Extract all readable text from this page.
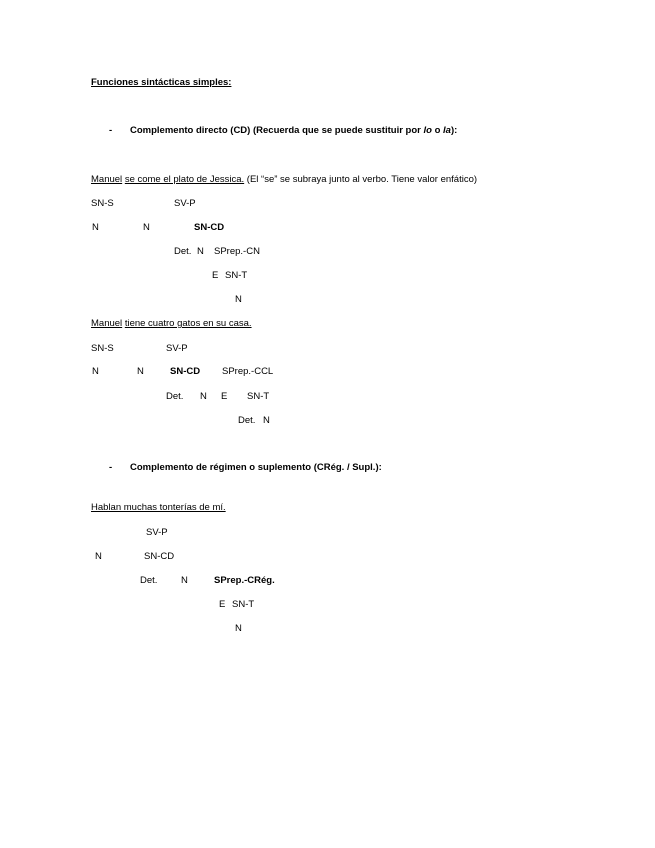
Funciones sintácticas simples:
- Complemento directo (CD) (Recuerda que se puede sustituir por lo o la):
Manuel se come el plato de Jessica. (El “se” se subraya junto al verbo. Tiene valor enfático)
SN-S	SV-P
N	N	SN-CD
Det. N SPrep.-CN
E SN-T
N
Manuel tiene cuatro gatos en su casa.
SN-S	SV-P
N	N	SN-CD SPrep.-CCL
Det. N E SN-T
Det. N
- Complemento de régimen o suplemento (CRég. / Supl.):
Hablan muchas tonterías de mí.
SV-P
N	SN-CD
Det. N	SPrep.-CRég.
E SN-T
N
